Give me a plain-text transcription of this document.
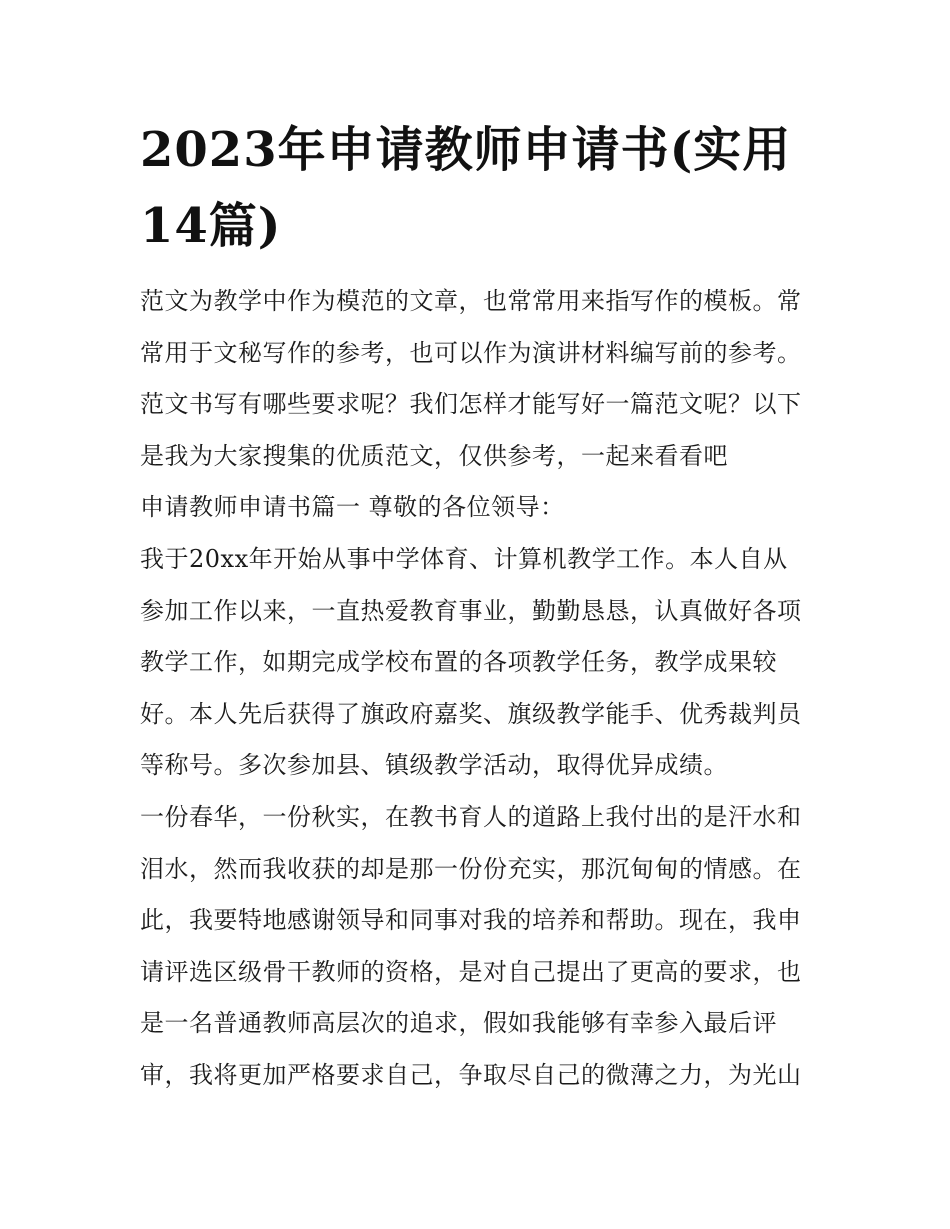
2023年申请教师申请书(实用14篇)
范文为教学中作为模范的文章，也常常用来指写作的模板。常
常用于文秘写作的参考，也可以作为演讲材料编写前的参考。
范文书写有哪些要求呢？我们怎样才能写好一篇范文呢？以下
是我为大家搜集的优质范文，仅供参考，一起来看看吧
申请教师申请书篇一 尊敬的各位领导：
我于20xx年开始从事中学体育、计算机教学工作。本人自从
参加工作以来，一直热爱教育事业，勤勤恳恳，认真做好各项
教学工作，如期完成学校布置的各项教学任务，教学成果较
好。本人先后获得了旗政府嘉奖、旗级教学能手、优秀裁判员
等称号。多次参加县、镇级教学活动，取得优异成绩。
一份春华，一份秋实，在教书育人的道路上我付出的是汗水和
泪水，然而我收获的却是那一份份充实，那沉甸甸的情感。在
此，我要特地感谢领导和同事对我的培养和帮助。现在，我申
请评选区级骨干教师的资格，是对自己提出了更高的要求，也
是一名普通教师高层次的追求，假如我能够有幸参入最后评
审，我将更加严格要求自己，争取尽自己的微薄之力，为光山
